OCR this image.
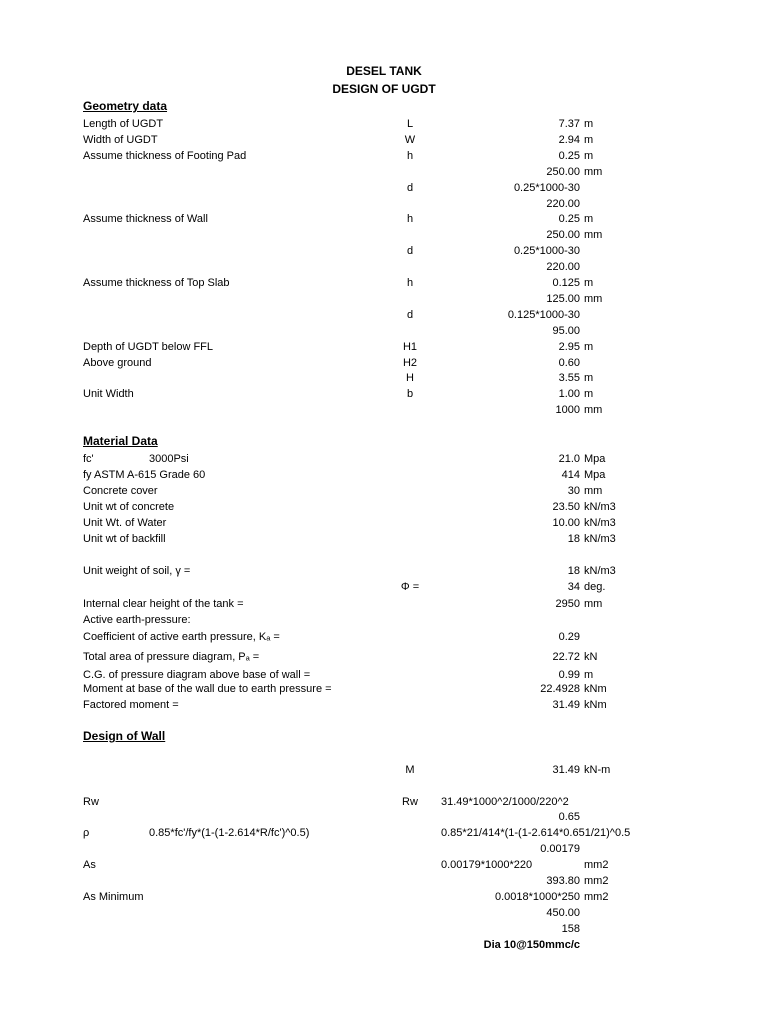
DESEL TANK
DESIGN OF UGDT
Geometry data
Length of UGDT	L	7.37 m
Width of UGDT	W	2.94 m
Assume thickness of Footing Pad	h	0.25 m
250.00 mm
d	0.25*1000-30
220.00
Assume thickness of Wall	h	0.25 m
250.00 mm
d	0.25*1000-30
220.00
Assume thickness of Top Slab	h	0.125 m
125.00 mm
d	0.125*1000-30
95.00
Depth of UGDT below FFL	H1	2.95 m
Above ground	H2	0.60
H	3.55 m
Unit Width	b	1.00 m
1000 mm
Material Data
fc'	3000Psi	21.0 Mpa
fy ASTM A-615 Grade 60	414 Mpa
Concrete cover	30 mm
Unit wt of concrete	23.50 kN/m3
Unit Wt. of Water	10.00 kN/m3
Unit wt of backfill	18 kN/m3
Unit weight of soil, γ =	18 kN/m3
Φ =	34 deg.
Internal clear height of the tank =	2950 mm
Active earth-pressure:
Coefficient of active earth pressure, Kₐ =	0.29
Total area of pressure diagram, Pₐ =	22.72 kN
C.G. of pressure diagram above base of wall =	0.99 m
Moment at base of the wall due to earth pressure =	22.4928 kNm
Factored moment =	31.49 kNm
Design of Wall
M	31.49 kN-m
Rw	Rw	31.49*1000^2/1000/220^2
0.65
ρ	0.85*fc'/fy*(1-(1-2.614*R/fc')^0.5)	0.85*21/414*(1-(1-2.614*0.651/21)^0.5
0.00179
As	0.00179*1000*220	mm2
393.80 mm2
As Minimum	0.0018*1000*250 mm2
450.00
158
Dia 10@150mmc/c
